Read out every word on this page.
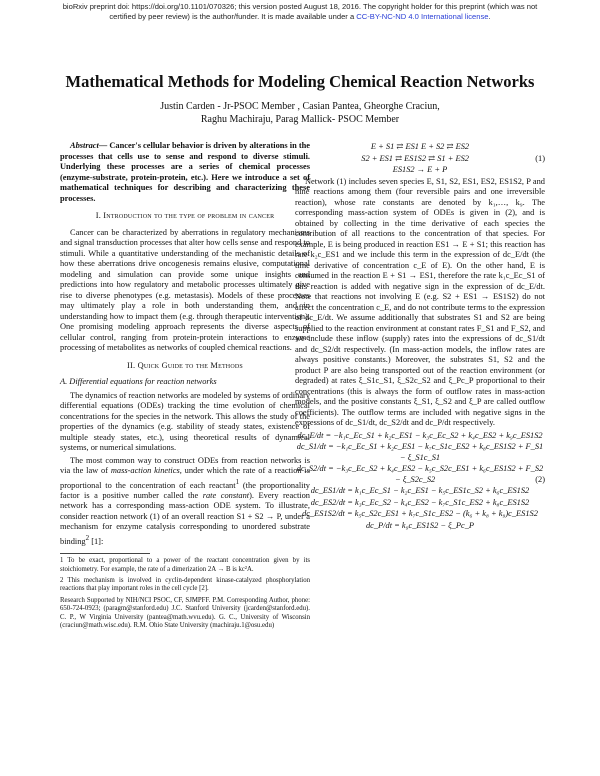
bioRxiv preprint doi: https://doi.org/10.1101/070326; this version posted August 18, 2016. The copyright holder for this preprint (which was not
certified by peer review) is the author/funder. It is made available under a CC-BY-NC-ND 4.0 International license.
Mathematical Methods for Modeling Chemical Reaction Networks
Justin Carden - Jr-PSOC Member , Casian Pantea, Gheorghe Craciun,
Raghu Machiraju, Parag Mallick- PSOC Member

Abstract— Cancer's cellular behavior is driven by alterations in the processes that cells use to sense and respond to diverse stimuli. Underlying these processes are a series of chemical processes (enzyme-substrate, protein-protein, etc.). Here we introduce a set of mathematical techniques for describing and characterizing these processes.

I. Introduction to the type of problem in cancer

Cancer can be characterized by aberrations in regulatory mechanisms and signal transduction processes that alter how cells sense and respond to stimuli. While a quantitative understanding of the mechanistic details of how these aberrations drive oncogenesis remains elusive, computational modeling and simulation can provide some unique insights and predictions into how regulatory and metabolic processes ultimately give rise to diverse phenotypes (e.g. metastasis). Models of these processes may ultimately play a role in both understanding them, and in understanding how to impact them (e.g. through therapeutic intervention). One promising modeling approach represents the diverse aspects of cellular control, ranging from protein-protein interactions to enzyme processing of metabolites as networks of coupled chemical reactions.

II. Quick Guide to the Methods
A. Differential equations for reaction networks

The dynamics of reaction networks are modeled by systems of ordinary differential equations (ODEs) tracking the time evolution of chemical concentrations for the species in the network. This allows the study of the properties of the dynamics (e.g. stability of steady states, existence of multiple steady states, etc.), using theoretical results of dynamical systems, or numerical simulations.

The most common way to construct ODEs from reaction networks is via the law of mass-action kinetics, under which the rate of a reaction is proportional to the concentration of each reactant$^1$ (the proportionality factor is a positive number called the rate constant). Every reaction network has a corresponding mass-action ODE system. To illustrate, consider reaction network (1) of an overall reaction S1 + S2 → P, under a mechanism for enzyme catalysis corresponding to unordered substrate binding$^2$ [1]:

1 To be exact, proportional to a power of the reactant concentration given by its stoichiometry. For example, the rate of a dimerization 2A → B is kc²A.
2 This mechanism is involved in cyclin-dependent kinase-catalyzed phosphorylation reactions that play important roles in the cell cycle [2].
Research Supported by NIH/NCI PSOC, CF, SJMPFF. P.M. Corresponding Author, phone: 650-724-0923; (paragm@stanford.edu) J.C. Stanford University (jcarden@stanford.edu). C. P., W Virginia University (pantea@math.wvu.edu). G. C., University of Wisconsin (craciun@math.wisc.edu). R.M. Ohio State University (machiraju.1@osu.edu)
E + S1 ⇄ ES1 E + S2 ⇄ ES2
S2 + ES1 ⇄ ES1S2 ⇄ S1 + ES2	(1)
ES1S2 → E + P

Network (1) includes seven species E, S1, S2, ES1, ES2, ES1S2, P and nine reactions among them (four reversible pairs and one irreversible reaction), whose rate constants are denoted by k₁,…, k₉. The corresponding mass-action system of ODEs is given in (2), and is obtained by collecting in the time derivative of each species the contribution of all reactions to the concentration of that species. For example, E is being produced in reaction ES1 → E + S1; this reaction has rate k₂c_ES1 and we include this term in the expression of dc_E/dt (the time derivative of concentration c_E of E). On the other hand, E is consumed in the reaction E + S1 → ES1, therefore the rate k₁c_Ec_S1 of this reaction is added with negative sign in the expression of dc_E/dt. Note that reactions not involving E (e.g. S2 + ES1 → ES1S2) do not affect the concentration c_E, and do not contribute terms to the expression of dc_E/dt. We assume additionally that substrates S1 and S2 are being supplied to the reaction environment at constant rates F_S1 and F_S2, and we include these inflow (supply) rates into the expressions of dc_S1/dt and dc_S2/dt respectively. (In mass-action models, the inflow rates are always positive constants.) Moreover, the substrates S1, S2 and the product P are also being transported out of the reaction environment (or degraded) at rates ξ_S1c_S1, ξ_S2c_S2 and ξ_Pc_P proportional to their concentrations (this is always the form of outflow rates in mass-action models, and the positive constants ξ_S1, ξ_S2 and ξ_P are called outflow coefficients). The outflow terms are included with negative signs in the expressions of dc_S1/dt, dc_S2/dt and dc_P/dt respectively.

dc_E/dt = −k₁c_Ec_S1 + k₂c_ES1 − k₃c_Ec_S2 + k₄c_ES2 + k₉c_ES1S2
dc_S1/dt = −k₁c_Ec_S1 + k₂c_ES1 − k₇c_S1c_ES2 + k₈c_ES1S2 + F_S1 − ξ_S1c_S1
dc_S2/dt = −k₃c_Ec_S2 + k₄c_ES2 − k₅c_S2c_ES1 + k₆c_ES1S2 + F_S2 − ξ_S2c_S2	(2)
dc_ES1/dt = k₁c_Ec_S1 − k₂c_ES1 − k₅c_ES1c_S2 + k₆c_ES1S2
dc_ES2/dt = k₃c_Ec_S2 − k₄c_ES2 − k₇c_S1c_ES2 + k₈c_ES1S2
dc_ES1S2/dt = k₅c_S2c_ES1 + k₇c_S1c_ES2 − (k₆ + k₈ + k₉)c_ES1S2
dc_P/dt = k₉c_ES1S2 − ξ_Pc_P
